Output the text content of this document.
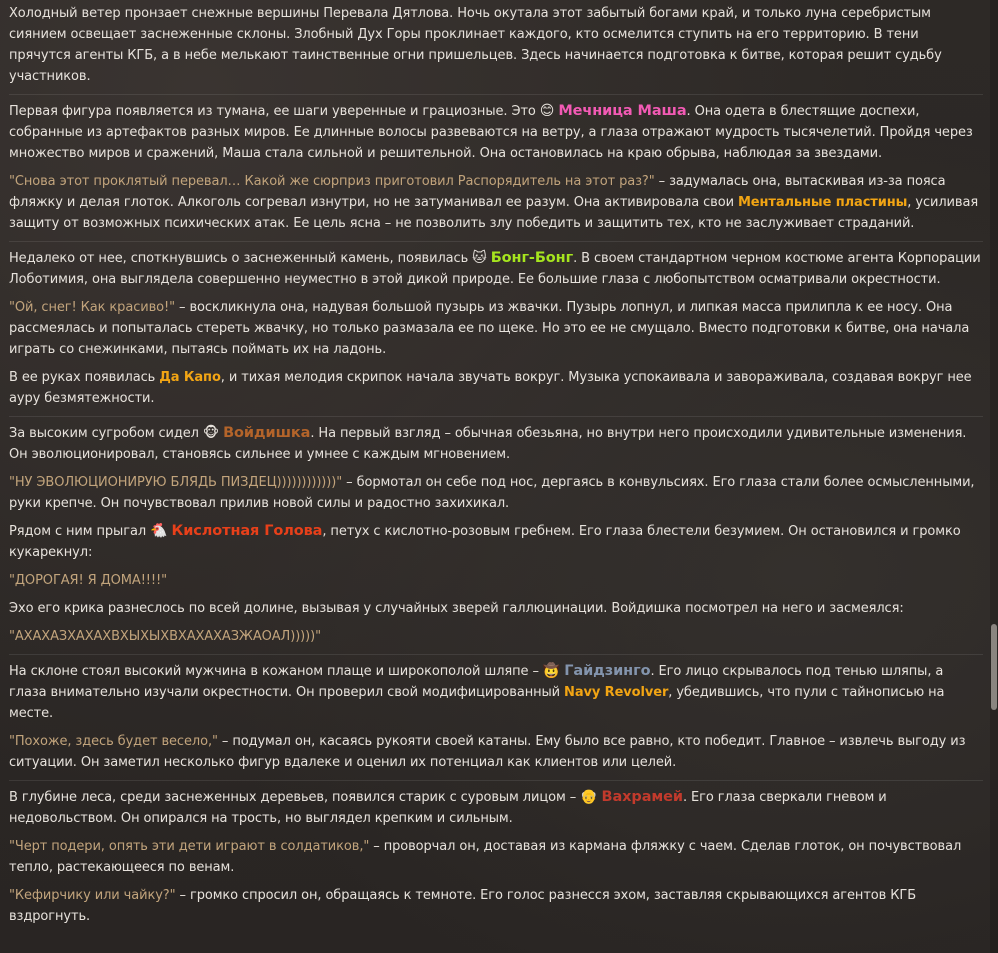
Холодный ветер пронзает снежные вершины Перевала Дятлова. Ночь окутала этот забытый богами край, и только луна серебристым сиянием освещает заснеженные склоны. Злобный Дух Горы проклинает каждого, кто осмелится ступить на его территорию. В тени прячутся агенты КГБ, а в небе мелькают таинственные огни пришельцев. Здесь начинается подготовка к битве, которая решит судьбу участников.

Первая фигура появляется из тумана, ее шаги уверенные и грациозные. Это 😊 Мечница Маша. Она одета в блестящие доспехи, собранные из артефактов разных миров. Ее длинные волосы развеваются на ветру, а глаза отражают мудрость тысячелетий. Пройдя через множество миров и сражений, Маша стала сильной и решительной. Она остановилась на краю обрыва, наблюдая за звездами.

"Снова этот проклятый перевал… Какой же сюрприз приготовил Распорядитель на этот раз?" – задумалась она, вытаскивая из-за пояса фляжку и делая глоток. Алкоголь согревал изнутри, но не затуманивал ее разум. Она активировала свои Ментальные пластины, усиливая защиту от возможных психических атак. Ее цель ясна – не позволить злу победить и защитить тех, кто не заслуживает страданий.

Недалеко от нее, споткнувшись о заснеженный камень, появилась 🐱 Бонг-Бонг. В своем стандартном черном костюме агента Корпорации Лоботимия, она выглядела совершенно неуместно в этой дикой природе. Ее большие глаза с любопытством осматривали окрестности.

"Ой, снег! Как красиво!" – воскликнула она, надувая большой пузырь из жвачки. Пузырь лопнул, и липкая масса прилипла к ее носу. Она рассмеялась и попыталась стереть жвачку, но только размазала ее по щеке. Но это ее не смущало. Вместо подготовки к битве, она начала играть со снежинками, пытаясь поймать их на ладонь.

В ее руках появилась Да Капо, и тихая мелодия скрипок начала звучать вокруг. Музыка успокаивала и завораживала, создавая вокруг нее ауру безмятежности.

За высоким сугробом сидел 🐵 Войдишка. На первый взгляд – обычная обезьяна, но внутри него происходили удивительные изменения. Он эволюционировал, становясь сильнее и умнее с каждым мгновением.

"НУ ЭВОЛЮЦИОНИРУЮ БЛЯДЬ ПИЗДЕЦ))))))))))))" – бормотал он себе под нос, дергаясь в конвульсиях. Его глаза стали более осмысленными, руки крепче. Он почувствовал прилив новой силы и радостно захихикал.

Рядом с ним прыгал 🐔 Кислотная Голова, петух с кислотно-розовым гребнем. Его глаза блестели безумием. Он остановился и громко кукарекнул:

"ДОРОГАЯ! Я ДОМА!!!!"

Эхо его крика разнеслось по всей долине, вызывая у случайных зверей галлюцинации. Войдишка посмотрел на него и засмеялся:

"АХАХАЗХАХАХВХЫХЫХВХАХАХАЗЖАОАЛ)))))"

На склоне стоял высокий мужчина в кожаном плаще и широкополой шляпе – 🤠 Гайдзинго. Его лицо скрывалось под тенью шляпы, а глаза внимательно изучали окрестности. Он проверил свой модифицированный Navy Revolver, убедившись, что пули с тайнописью на месте.

"Похоже, здесь будет весело," – подумал он, касаясь рукояти своей катаны. Ему было все равно, кто победит. Главное – извлечь выгоду из ситуации. Он заметил несколько фигур вдалеке и оценил их потенциал как клиентов или целей.

В глубине леса, среди заснеженных деревьев, появился старик с суровым лицом – 👴 Вахрамей. Его глаза сверкали гневом и недовольством. Он опирался на трость, но выглядел крепким и сильным.

"Черт подери, опять эти дети играют в солдатиков," – проворчал он, доставая из кармана фляжку с чаем. Сделав глоток, он почувствовал тепло, растекающееся по венам.

"Кефирчику или чайку?" – громко спросил он, обращаясь к темноте. Его голос разнесся эхом, заставляя скрывающихся агентов КГБ вздрогнуть.
